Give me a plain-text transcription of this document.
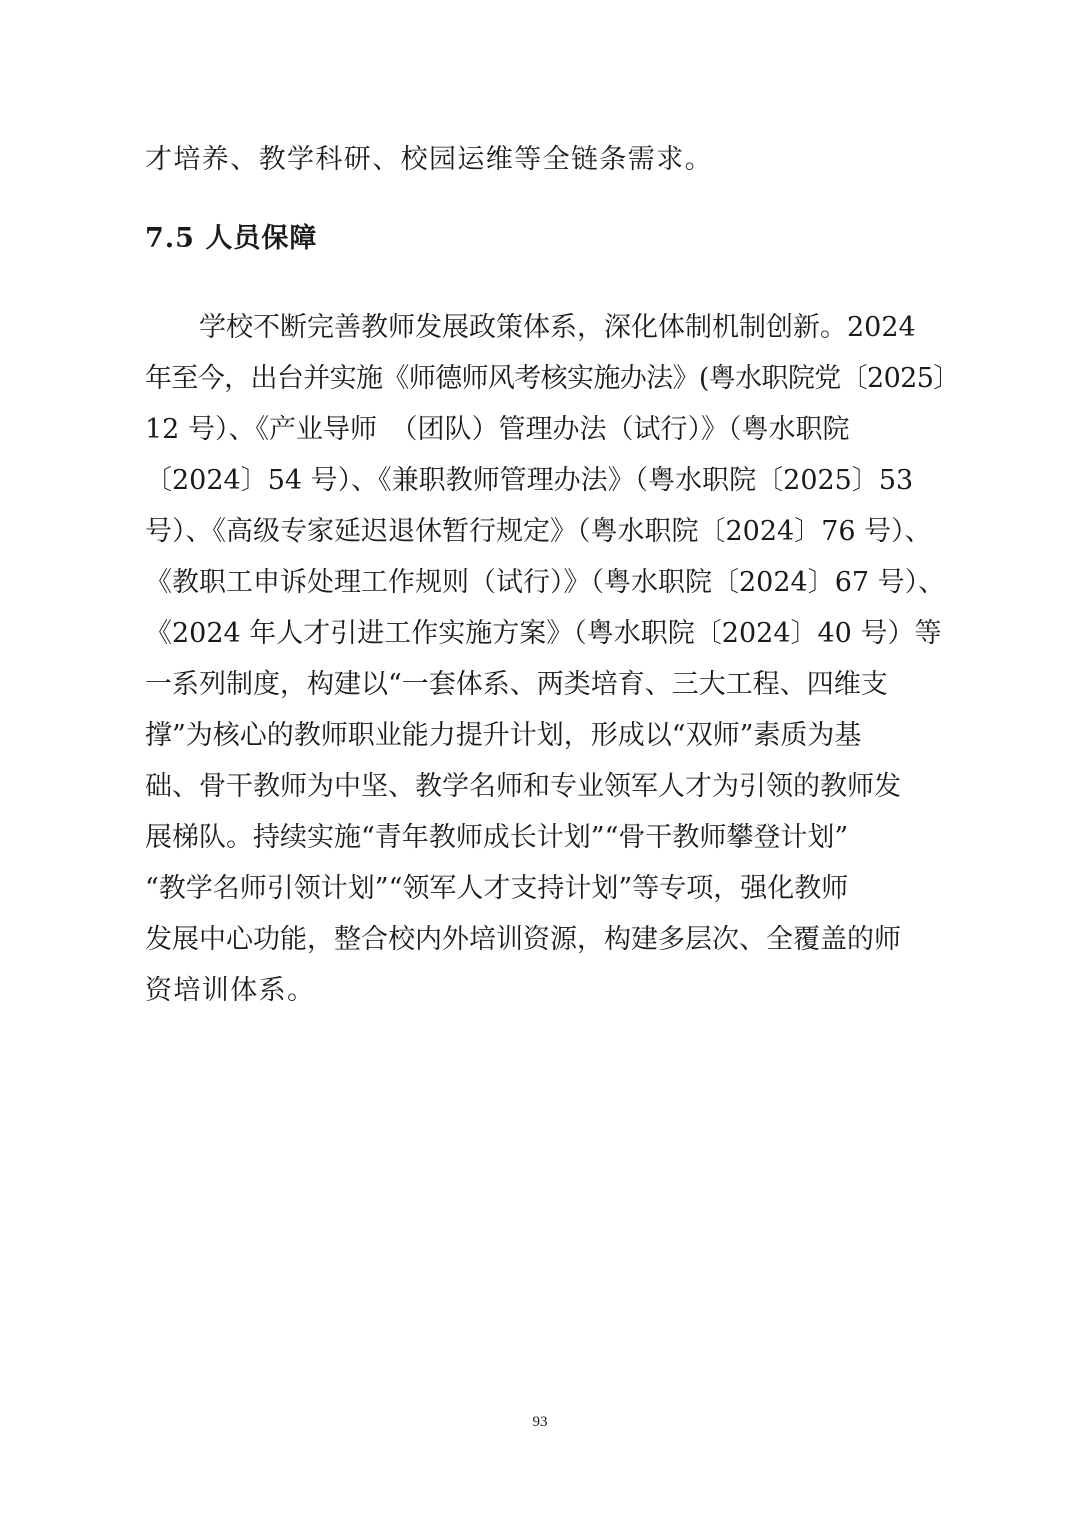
才培养、教学科研、校园运维等全链条需求。
7.5 人员保障
　　学校不断完善教师发展政策体系，深化体制机制创新。2024
年至今，出台并实施《师德师风考核实施办法》(粤水职院党〔2025〕
12 号）、《产业导师　（团队）管理办法（试行）》（粤水职院
〔2024〕54 号）、《兼职教师管理办法》（粤水职院〔2025〕53
号）、《高级专家延迟退休暂行规定》（粤水职院〔2024〕76 号）、
《教职工申诉处理工作规则（试行）》（粤水职院〔2024〕67 号）、
《2024 年人才引进工作实施方案》（粤水职院〔2024〕40 号）等
一系列制度，构建以“一套体系、两类培育、三大工程、四维支
撑”为核心的教师职业能力提升计划，形成以“双师”素质为基
础、骨干教师为中坚、教学名师和专业领军人才为引领的教师发
展梯队。持续实施“青年教师成长计划”“骨干教师攀登计划”
“教学名师引领计划”“领军人才支持计划”等专项，强化教师
发展中心功能，整合校内外培训资源，构建多层次、全覆盖的师
资培训体系。
93
